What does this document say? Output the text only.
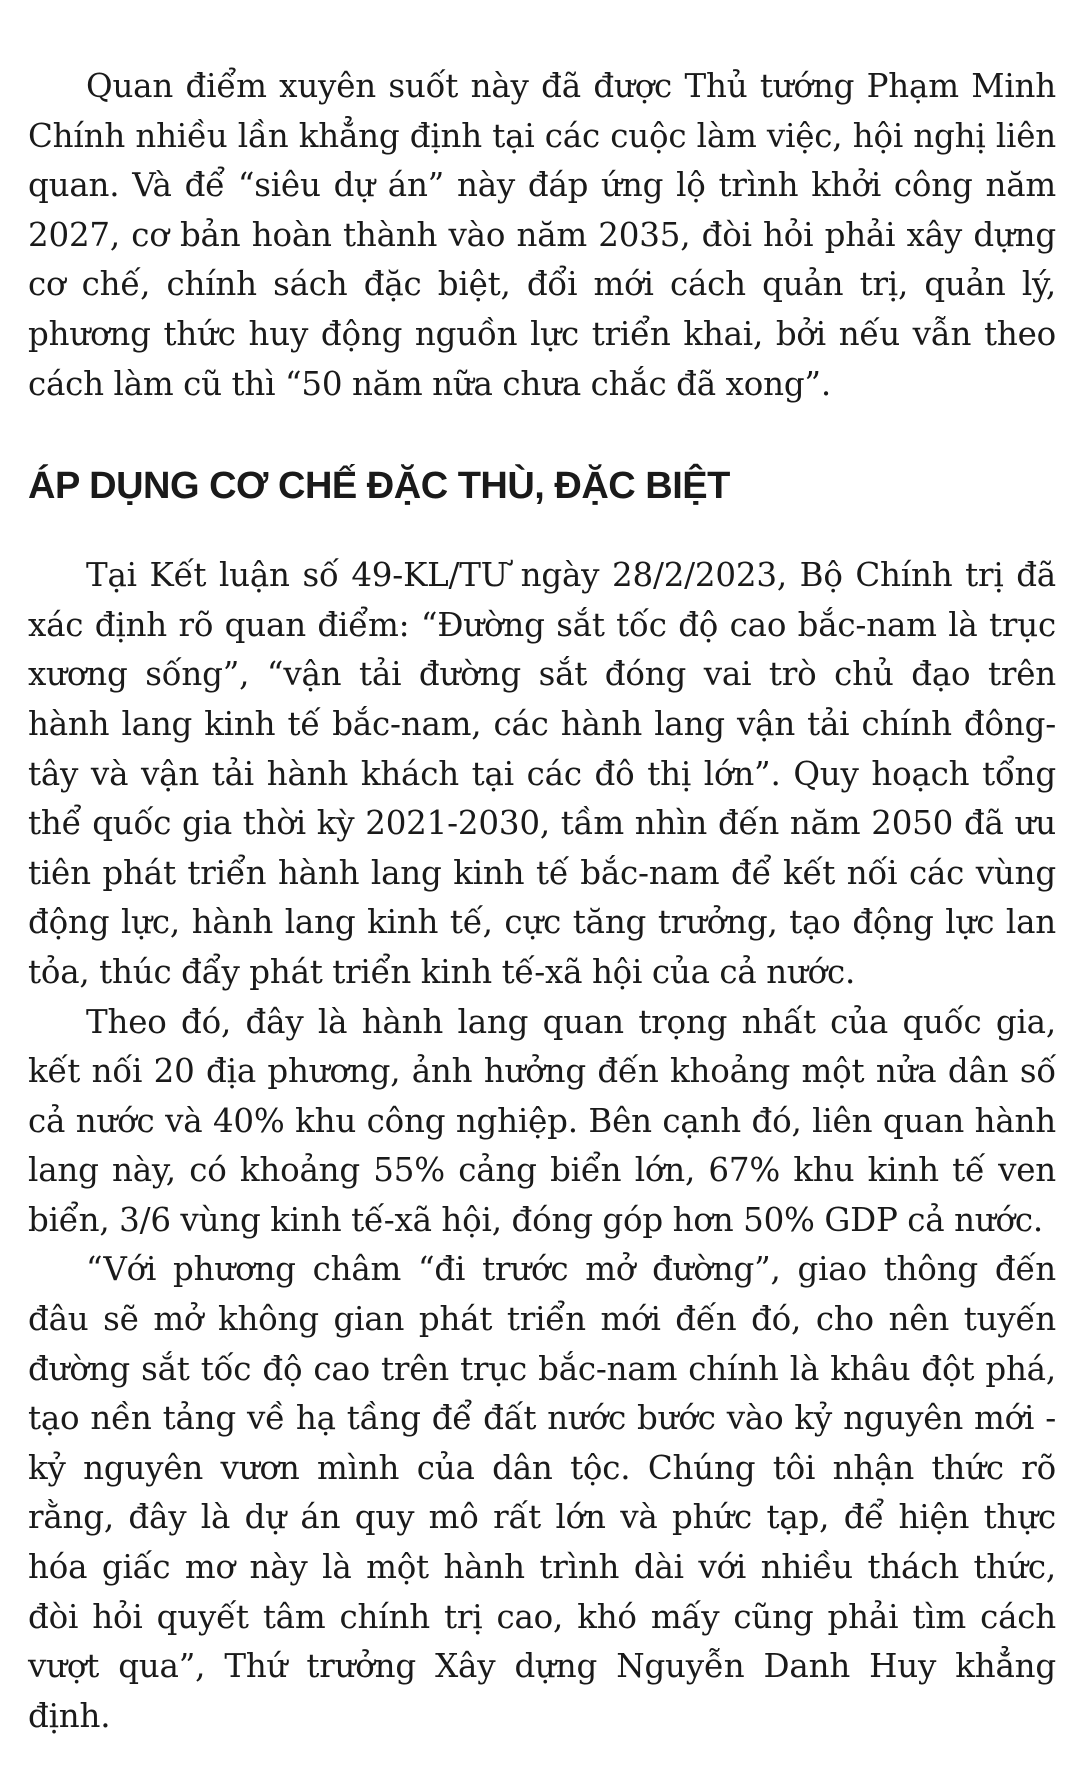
Quan điểm xuyên suốt này đã được Thủ tướng Phạm Minh Chính nhiều lần khẳng định tại các cuộc làm việc, hội nghị liên quan. Và để “siêu dự án” này đáp ứng lộ trình khởi công năm 2027, cơ bản hoàn thành vào năm 2035, đòi hỏi phải xây dựng cơ chế, chính sách đặc biệt, đổi mới cách quản trị, quản lý, phương thức huy động nguồn lực triển khai, bởi nếu vẫn theo cách làm cũ thì “50 năm nữa chưa chắc đã xong”.

ÁP DỤNG CƠ CHẾ ĐẶC THÙ, ĐẶC BIỆT

Tại Kết luận số 49-KL/TƯ ngày 28/2/2023, Bộ Chính trị đã xác định rõ quan điểm: “Đường sắt tốc độ cao bắc-nam là trục xương sống”, “vận tải đường sắt đóng vai trò chủ đạo trên hành lang kinh tế bắc-nam, các hành lang vận tải chính đông-tây và vận tải hành khách tại các đô thị lớn”. Quy hoạch tổng thể quốc gia thời kỳ 2021-2030, tầm nhìn đến năm 2050 đã ưu tiên phát triển hành lang kinh tế bắc-nam để kết nối các vùng động lực, hành lang kinh tế, cực tăng trưởng, tạo động lực lan tỏa, thúc đẩy phát triển kinh tế-xã hội của cả nước.

Theo đó, đây là hành lang quan trọng nhất của quốc gia, kết nối 20 địa phương, ảnh hưởng đến khoảng một nửa dân số cả nước và 40% khu công nghiệp. Bên cạnh đó, liên quan hành lang này, có khoảng 55% cảng biển lớn, 67% khu kinh tế ven biển, 3/6 vùng kinh tế-xã hội, đóng góp hơn 50% GDP cả nước.

“Với phương châm “đi trước mở đường”, giao thông đến đâu sẽ mở không gian phát triển mới đến đó, cho nên tuyến đường sắt tốc độ cao trên trục bắc-nam chính là khâu đột phá, tạo nền tảng về hạ tầng để đất nước bước vào kỷ nguyên mới - kỷ nguyên vươn mình của dân tộc. Chúng tôi nhận thức rõ rằng, đây là dự án quy mô rất lớn và phức tạp, để hiện thực hóa giấc mơ này là một hành trình dài với nhiều thách thức, đòi hỏi quyết tâm chính trị cao, khó mấy cũng phải tìm cách vượt qua”, Thứ trưởng Xây dựng Nguyễn Danh Huy khẳng định.
